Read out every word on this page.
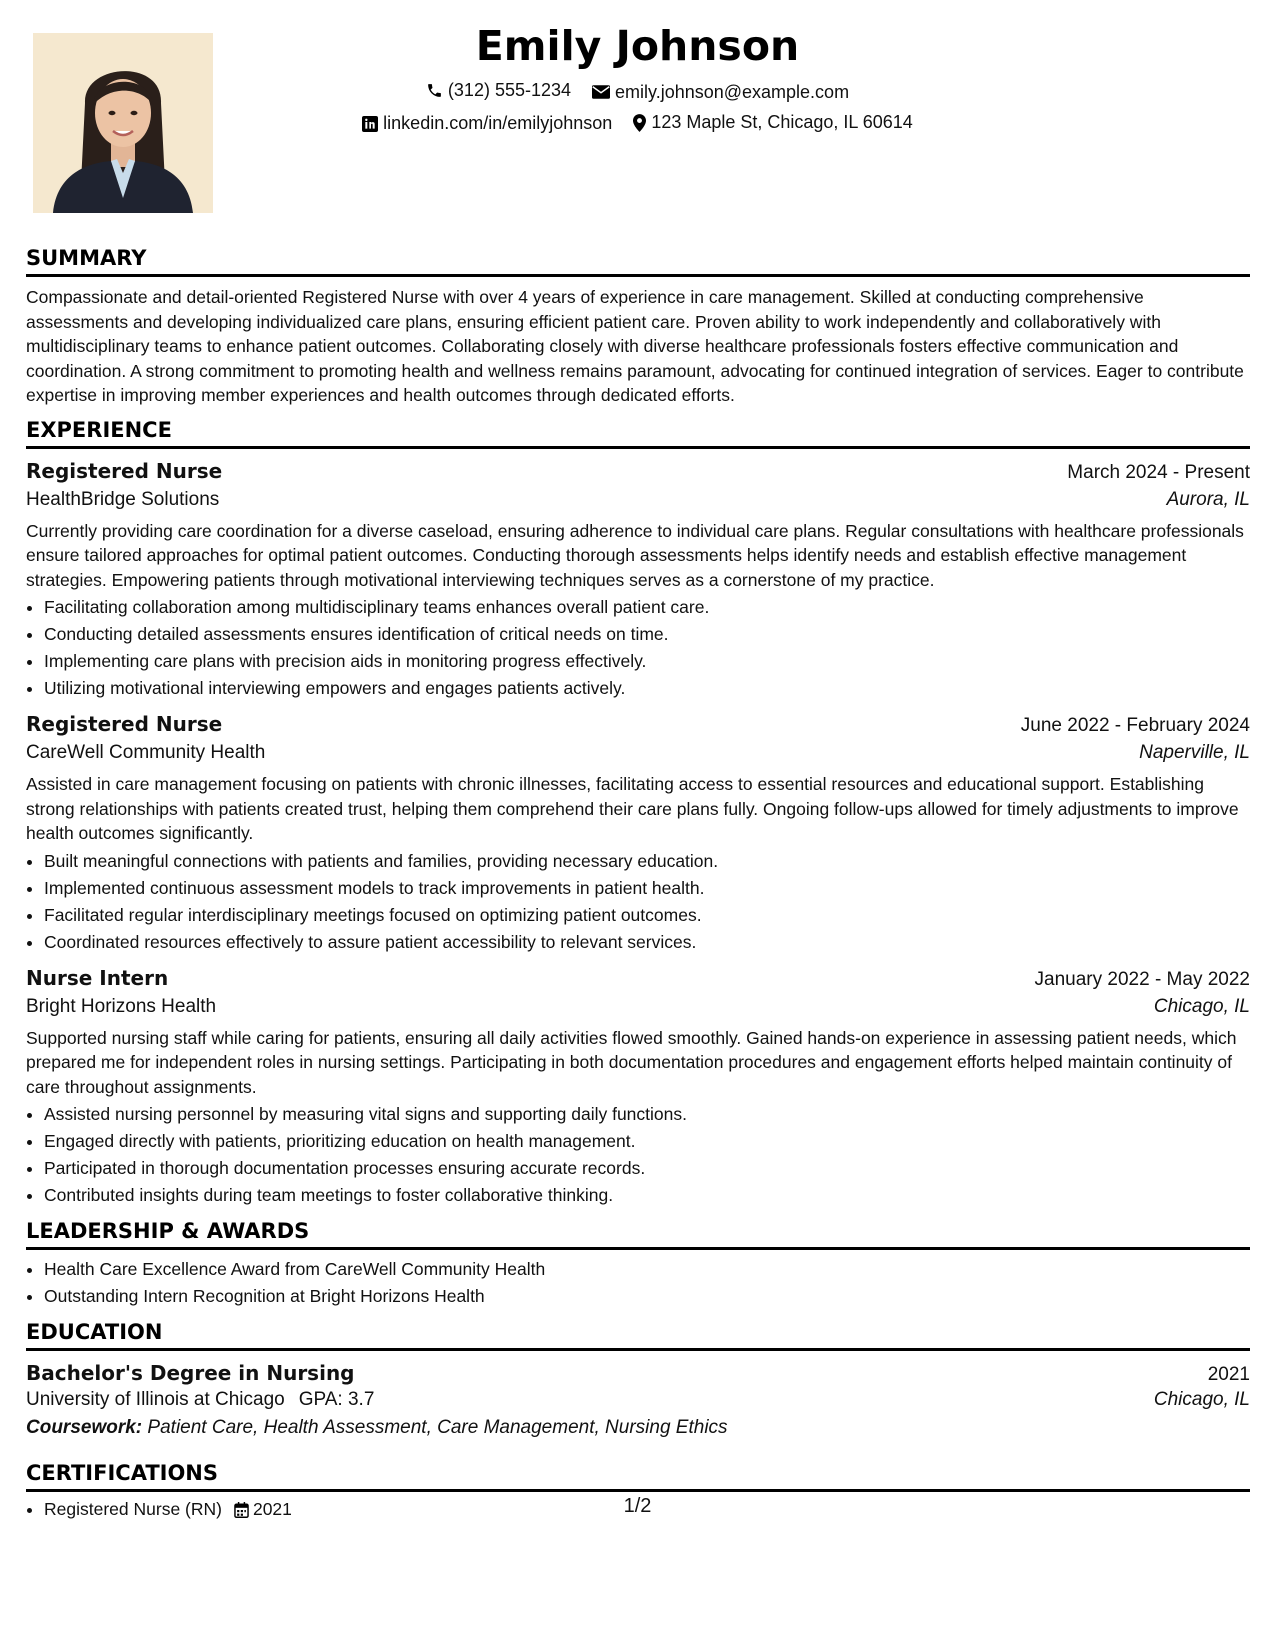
Emily Johnson
(312) 555-1234
emily.johnson@example.com
linkedin.com/in/emilyjohnson
123 Maple St, Chicago, IL 60614
SUMMARY

Compassionate and detail-oriented Registered Nurse with over 4 years of experience in care management. Skilled at conducting comprehensive assessments and developing individualized care plans, ensuring efficient patient care. Proven ability to work independently and collaboratively with multidisciplinary teams to enhance patient outcomes. Collaborating closely with diverse healthcare professionals fosters effective communication and coordination. A strong commitment to promoting health and wellness remains paramount, advocating for continued integration of services. Eager to contribute expertise in improving member experiences and health outcomes through dedicated efforts.

EXPERIENCE
Registered Nurse	March 2024 - Present
HealthBridge Solutions	Aurora, IL

Currently providing care coordination for a diverse caseload, ensuring adherence to individual care plans. Regular consultations with healthcare professionals ensure tailored approaches for optimal patient outcomes. Conducting thorough assessments helps identify needs and establish effective management strategies. Empowering patients through motivational interviewing techniques serves as a cornerstone of my practice.

• Facilitating collaboration among multidisciplinary teams enhances overall patient care.
• Conducting detailed assessments ensures identification of critical needs on time.
• Implementing care plans with precision aids in monitoring progress effectively.
• Utilizing motivational interviewing empowers and engages patients actively.
Registered Nurse	June 2022 - February 2024
CareWell Community Health	Naperville, IL

Assisted in care management focusing on patients with chronic illnesses, facilitating access to essential resources and educational support. Establishing strong relationships with patients created trust, helping them comprehend their care plans fully. Ongoing follow-ups allowed for timely adjustments to improve health outcomes significantly.

• Built meaningful connections with patients and families, providing necessary education.
• Implemented continuous assessment models to track improvements in patient health.
• Facilitated regular interdisciplinary meetings focused on optimizing patient outcomes.
• Coordinated resources effectively to assure patient accessibility to relevant services.
Nurse Intern	January 2022 - May 2022
Bright Horizons Health	Chicago, IL

Supported nursing staff while caring for patients, ensuring all daily activities flowed smoothly. Gained hands-on experience in assessing patient needs, which prepared me for independent roles in nursing settings. Participating in both documentation procedures and engagement efforts helped maintain continuity of care throughout assignments.

• Assisted nursing personnel by measuring vital signs and supporting daily functions.
• Engaged directly with patients, prioritizing education on health management.
• Participated in thorough documentation processes ensuring accurate records.
• Contributed insights during team meetings to foster collaborative thinking.
LEADERSHIP & AWARDS
• Health Care Excellence Award from CareWell Community Health
• Outstanding Intern Recognition at Bright Horizons Health
EDUCATION
Bachelor's Degree in Nursing	2021
University of Illinois at Chicago GPA: 3.7	Chicago, IL
Coursework: Patient Care, Health Assessment, Care Management, Nursing Ethics
CERTIFICATIONS
• Registered Nurse (RN) 2021	1/2
